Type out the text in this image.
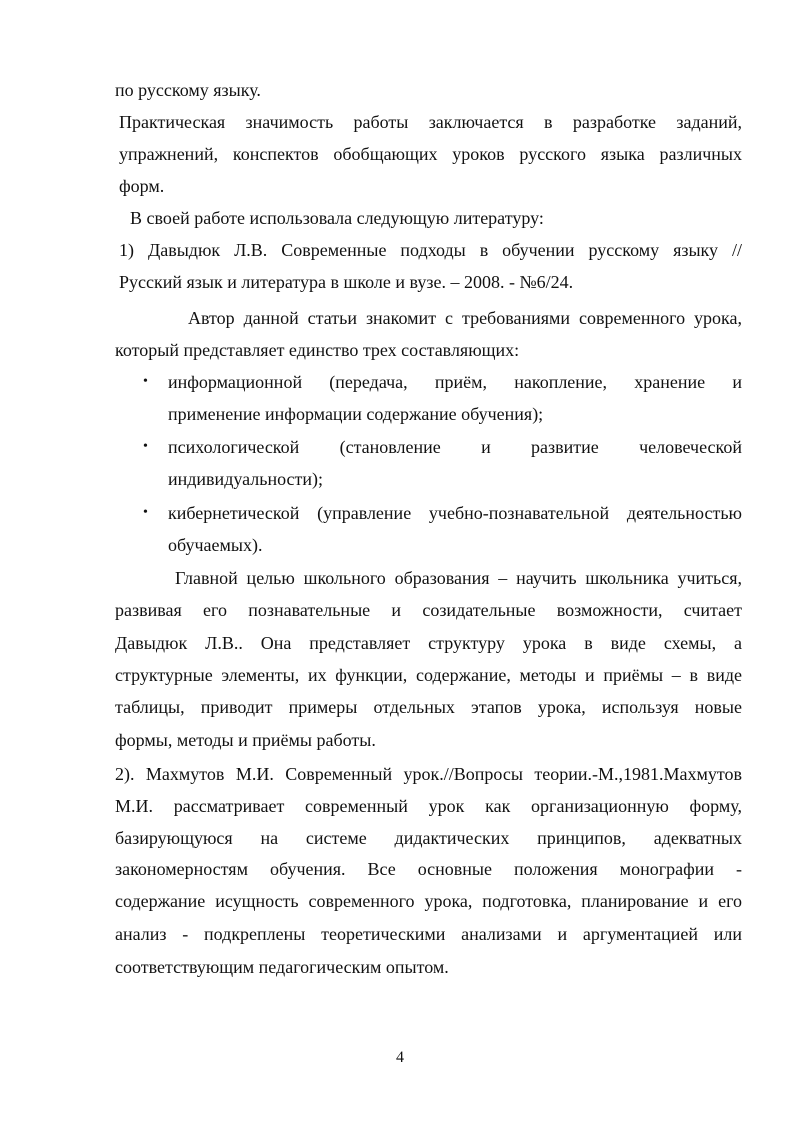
по русскому языку.
Практическая значимость работы заключается в разработке заданий,
упражнений, конспектов обобщающих уроков русского языка различных
форм.
В своей работе использовала следующую литературу:
1) Давыдюк Л.В. Современные подходы в обучении русскому языку //
Русский язык и литература в школе и вузе. – 2008. - №6/24.
Автор данной статьи знакомит с требованиями современного урока,
который представляет единство трех составляющих:
• информационной (передача, приём, накопление, хранение и
применение информации содержание обучения);
• психологической (становление и развитие человеческой
индивидуальности);
• кибернетической (управление учебно-познавательной деятельностью
обучаемых).
Главной целью школьного образования – научить школьника учиться,
развивая его познавательные и созидательные возможности, считает
Давыдюк Л.В.. Она представляет структуру урока в виде схемы, а
структурные элементы, их функции, содержание, методы и приёмы – в виде
таблицы, приводит примеры отдельных этапов урока, используя новые
формы, методы и приёмы работы.
2). Махмутов М.И. Современный урок.//Вопросы теории.-М.,1981.Махмутов
М.И. рассматривает современный урок как организационную форму,
базирующуюся на системе дидактических принципов, адекватных
закономерностям обучения. Все основные положения монографии -
содержание исущность современного урока, подготовка, планирование и его
анализ - подкреплены теоретическими анализами и аргументацией или
соответствующим педагогическим опытом.
4
